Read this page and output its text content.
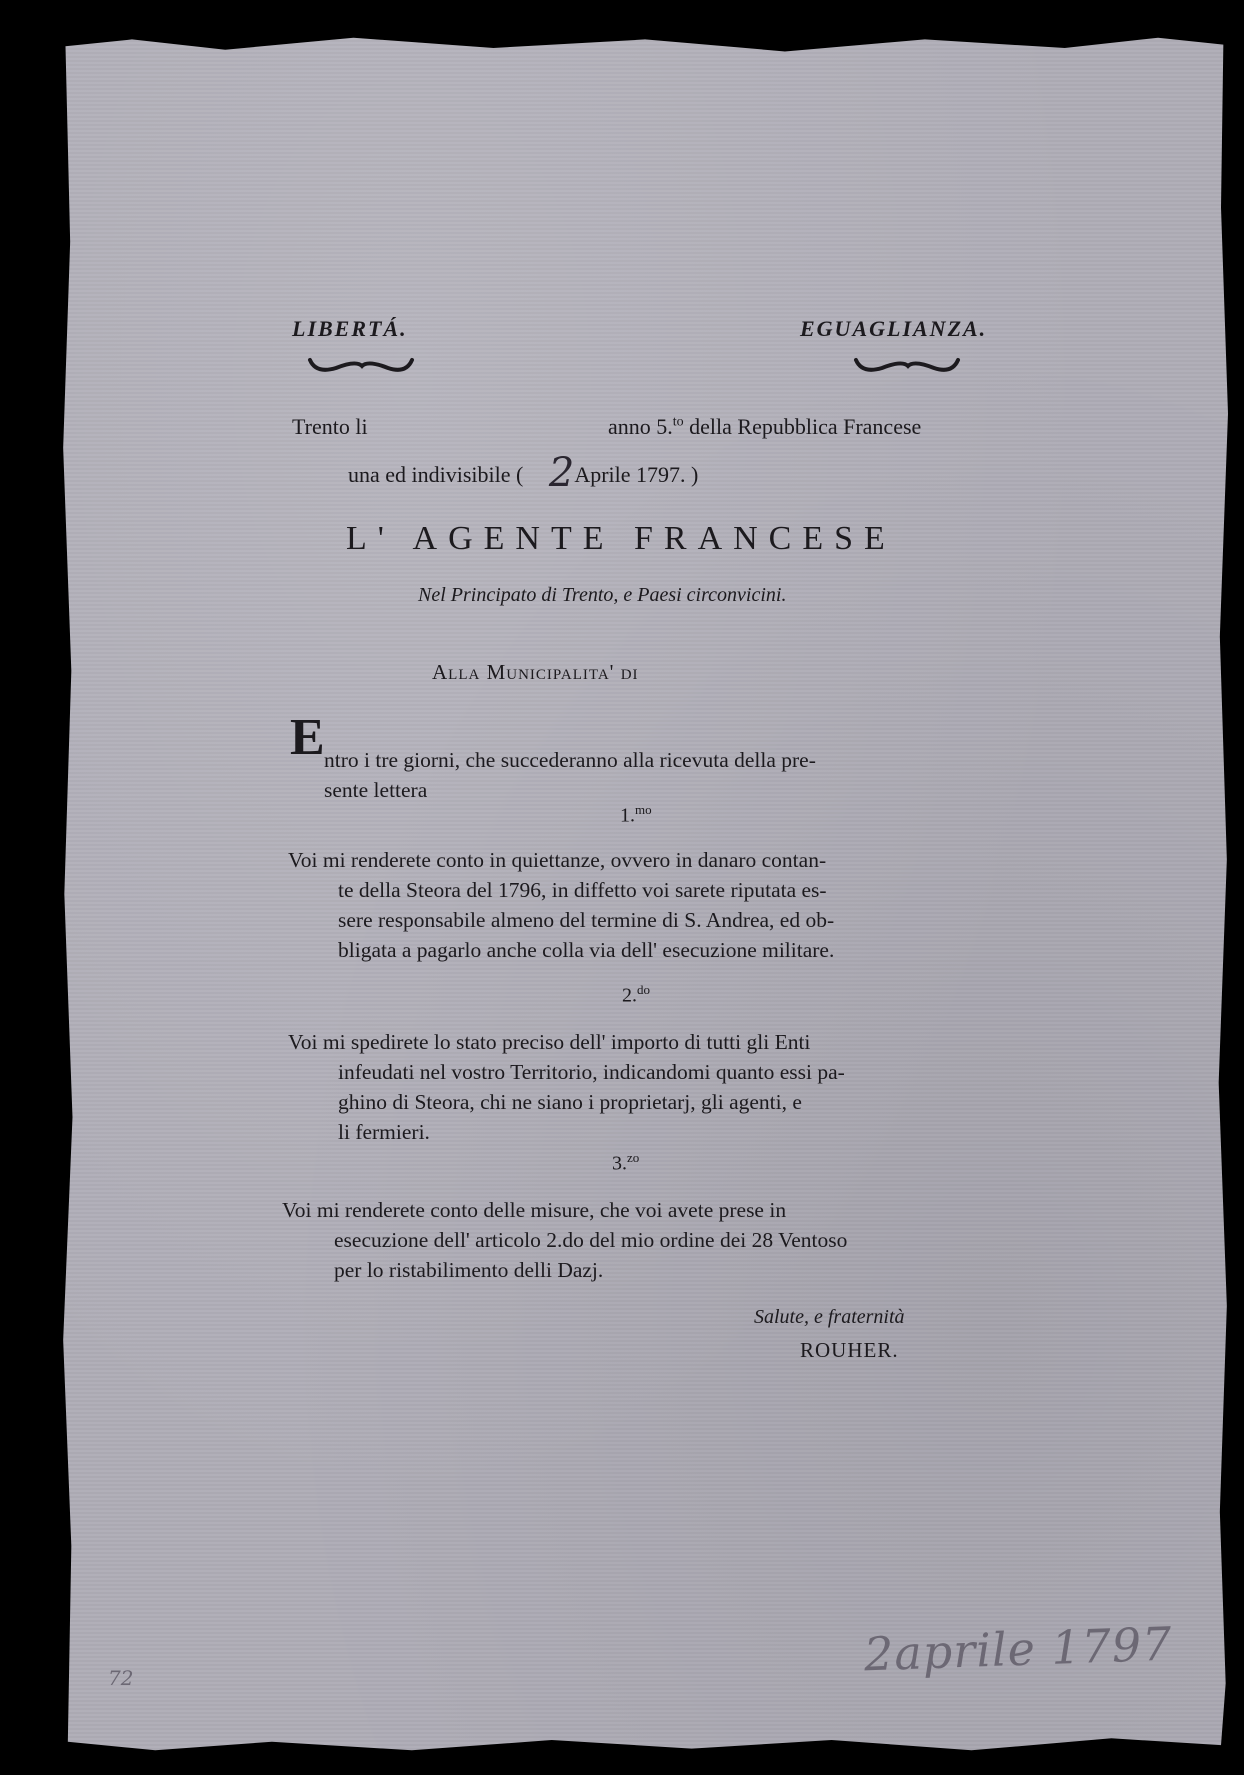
LIBERTÁ.	EGUAGLIANZA.
Trento li	anno 5.$^{to}$ della Repubblica Francese
una ed indivisibile ( 2Aprile 1797. )
L' AGENTE FRANCESE
Nel Principato di Trento, e Paesi circonvicini.
Alla Municipalita' di
E ntro i tre giorni, che succederanno alla ricevuta della pre-
sente lettera
1.$^{mo}$
Voi mi renderete conto in quiettanze, ovvero in danaro contan-
te della Steora del 1796, in diffetto voi sarete riputata es-
sere responsabile almeno del termine di S. Andrea, ed ob-
bligata a pagarlo anche colla via dell' esecuzione militare.
2.$^{do}$
Voi mi spedirete lo stato preciso dell' importo di tutti gli Enti
infeudati nel vostro Territorio, indicandomi quanto essi pa-
ghino di Steora, chi ne siano i proprietarj, gli agenti, e
li fermieri.
3.$^{zo}$
Voi mi renderete conto delle misure, che voi avete prese in
esecuzione dell' articolo 2.do del mio ordine dei 28 Ventoso
per lo ristabilimento delli Dazj.
Salute, e fraternità
ROUHER.
2aprile 1797
72
